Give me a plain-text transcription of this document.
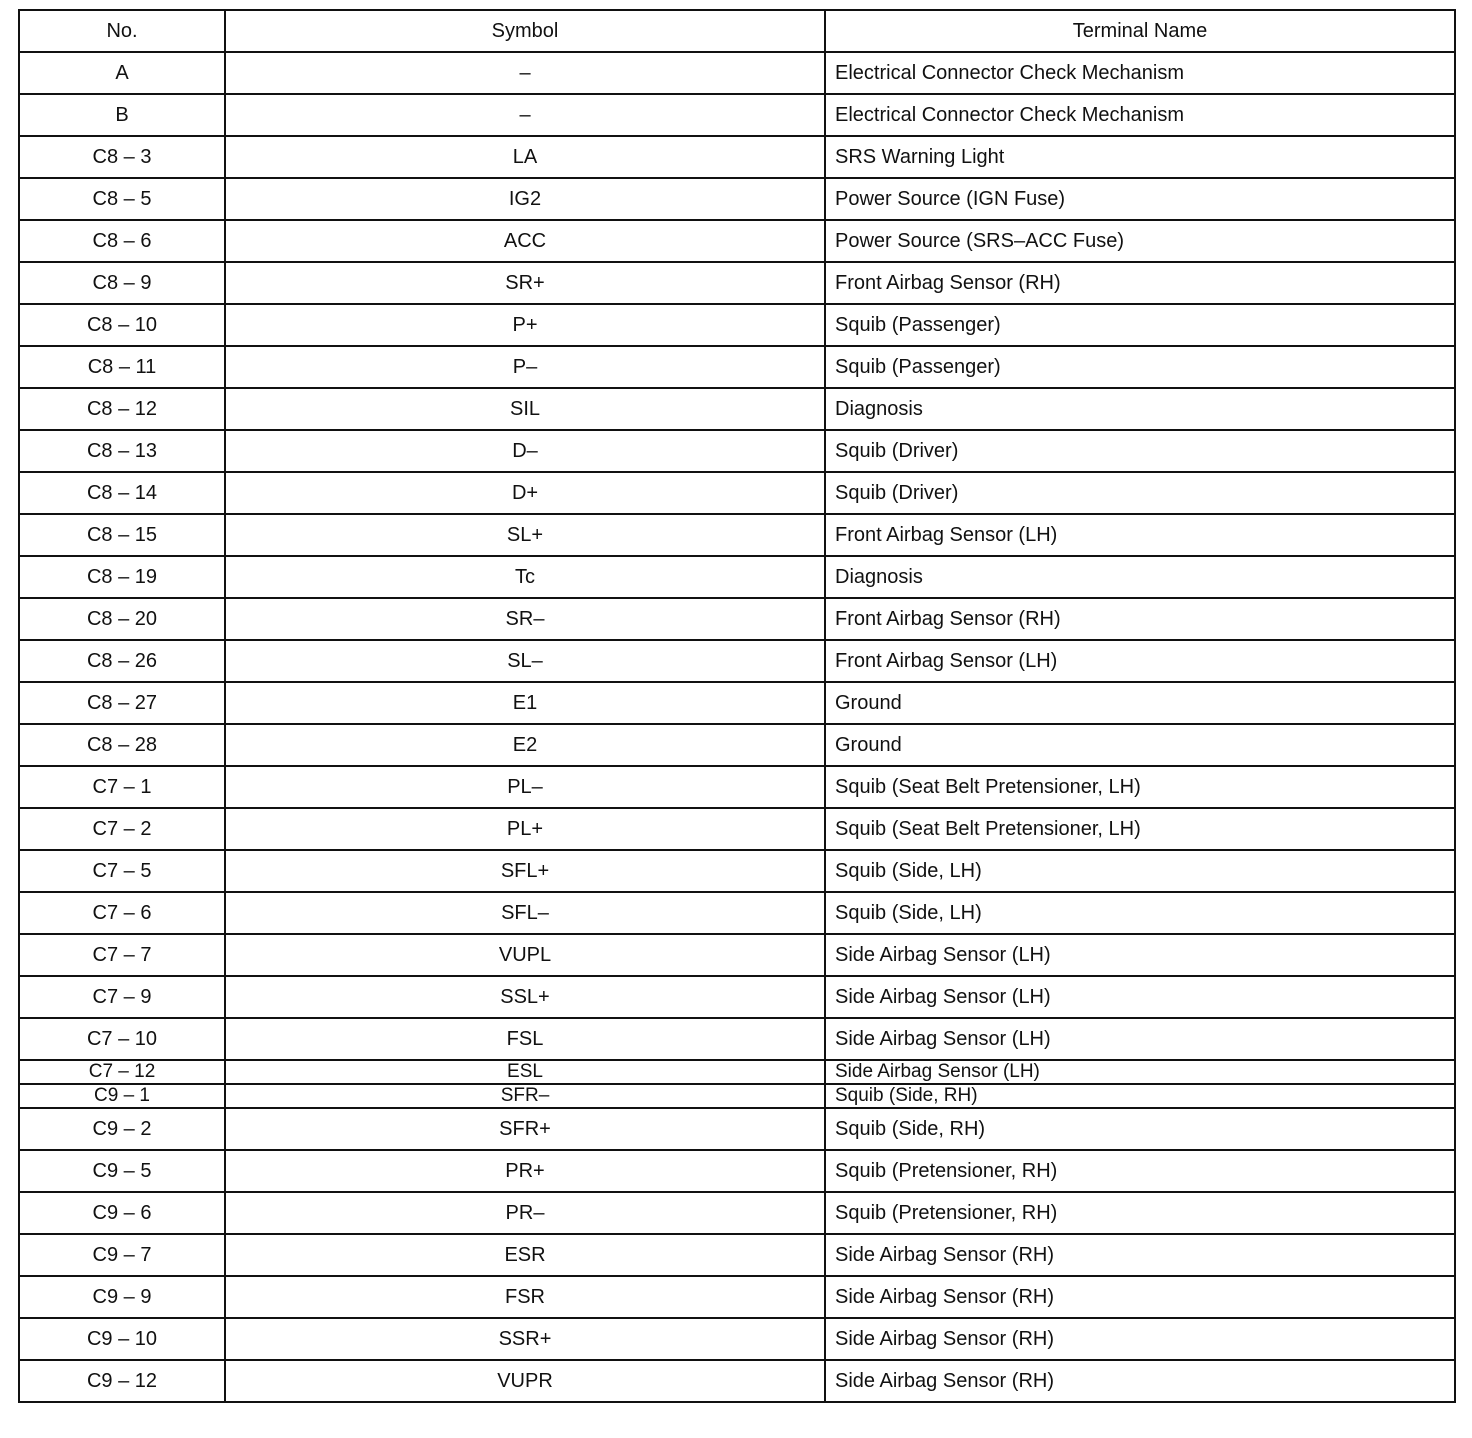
No.	Symbol	Terminal Name
A	–	Electrical Connector Check Mechanism
B	–	Electrical Connector Check Mechanism
C8 – 3	LA	SRS Warning Light
C8 – 5	IG2	Power Source (IGN Fuse)
C8 – 6	ACC	Power Source (SRS–ACC Fuse)
C8 – 9	SR+	Front Airbag Sensor (RH)
C8 – 10	P+	Squib (Passenger)
C8 – 11	P–	Squib (Passenger)
C8 – 12	SIL	Diagnosis
C8 – 13	D–	Squib (Driver)
C8 – 14	D+	Squib (Driver)
C8 – 15	SL+	Front Airbag Sensor (LH)
C8 – 19	Tc	Diagnosis
C8 – 20	SR–	Front Airbag Sensor (RH)
C8 – 26	SL–	Front Airbag Sensor (LH)
C8 – 27	E1	Ground
C8 – 28	E2	Ground
C7 – 1	PL–	Squib (Seat Belt Pretensioner, LH)
C7 – 2	PL+	Squib (Seat Belt Pretensioner, LH)
C7 – 5	SFL+	Squib (Side, LH)
C7 – 6	SFL–	Squib (Side, LH)
C7 – 7	VUPL	Side Airbag Sensor (LH)
C7 – 9	SSL+	Side Airbag Sensor (LH)
C7 – 10	FSL	Side Airbag Sensor (LH)
C7 – 12	ESL	Side Airbag Sensor (LH)
C9 – 1	SFR–	Squib (Side, RH)
C9 – 2	SFR+	Squib (Side, RH)
C9 – 5	PR+	Squib (Pretensioner, RH)
C9 – 6	PR–	Squib (Pretensioner, RH)
C9 – 7	ESR	Side Airbag Sensor (RH)
C9 – 9	FSR	Side Airbag Sensor (RH)
C9 – 10	SSR+	Side Airbag Sensor (RH)
C9 – 12	VUPR	Side Airbag Sensor (RH)
